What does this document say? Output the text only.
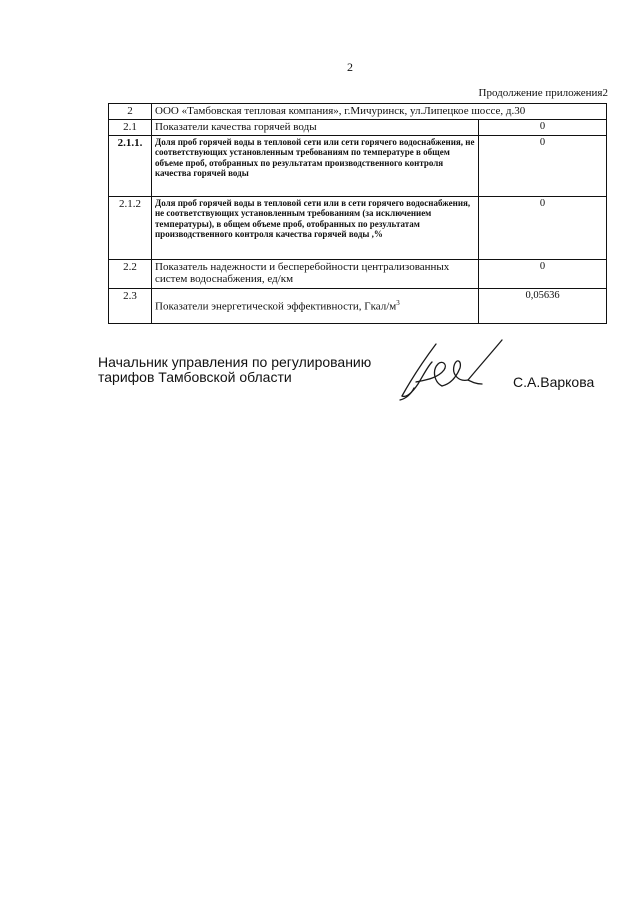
2
Продолжение приложения2
2	ООО «Тамбовская тепловая компания», г.Мичуринск, ул.Липецкое шоссе, д.30	
2.1	Показатели качества горячей воды	0
2.1.1.	Доля проб горячей воды в тепловой сети или сети горячего водоснабжения, не соответствующих установленным требованиям по температуре в общем объеме проб, отобранных по результатам производственного контроля качества горячей воды	0
2.1.2	Доля проб горячей воды в тепловой сети или в сети горячего водоснабжения, не соответствующих установленным требованиям (за исключением температуры), в общем объеме проб, отобранных по результатам производственного контроля качества горячей воды ,%	0
2.2	Показатель надежности и бесперебойности централизованных систем водоснабжения, ед/км	0
2.3	Показатели энергетической эффективности, Гкал/$м^3$	0,05636
Начальник управления по регулированию
тарифов Тамбовской области	С.А.Варкова
